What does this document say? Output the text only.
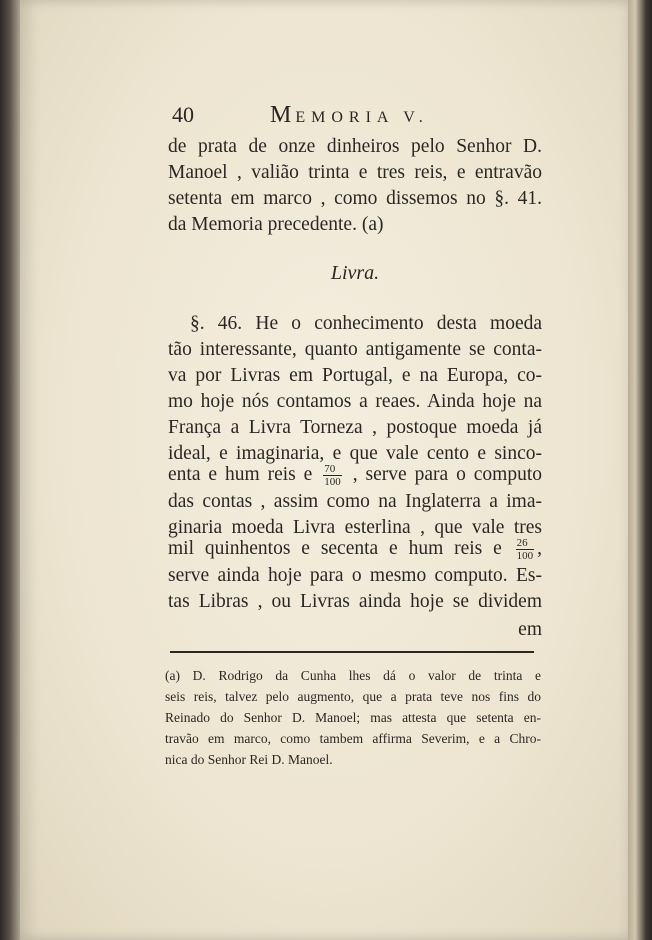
40	MEMORIA V.
de prata de onze dinheiros pelo Senhor D.
Manoel , valião trinta e tres reis, e entravão
setenta em marco , como dissemos no §. 41.
da Memoria precedente. (a)
Livra.
§. 46. He o conhecimento desta moeda
tão interessante, quanto antigamente se conta-
va por Livras em Portugal, e na Europa, co-
mo hoje nós contamos a reaes. Ainda hoje na
França a Livra Torneza , postoque moeda já
ideal, e imaginaria, e que vale cento e sinco-
enta e hum reis e $\frac{70}{100}$ , serve para o computo
das contas , assim como na Inglaterra a ima-
ginaria moeda Livra esterlina , que vale tres
mil quinhentos e secenta e hum reis e $\frac{26}{100}$ ,
serve ainda hoje para o mesmo computo. Es-
tas Libras , ou Livras ainda hoje se dividem
em
(a) D. Rodrigo da Cunha lhes dá o valor de trinta e
seis reis, talvez pelo augmento, que a prata teve nos fins do
Reinado do Senhor D. Manoel; mas attesta que setenta en-
travão em marco, como tambem affirma Severim, e a Chro-
nica do Senhor Rei D. Manoel.
